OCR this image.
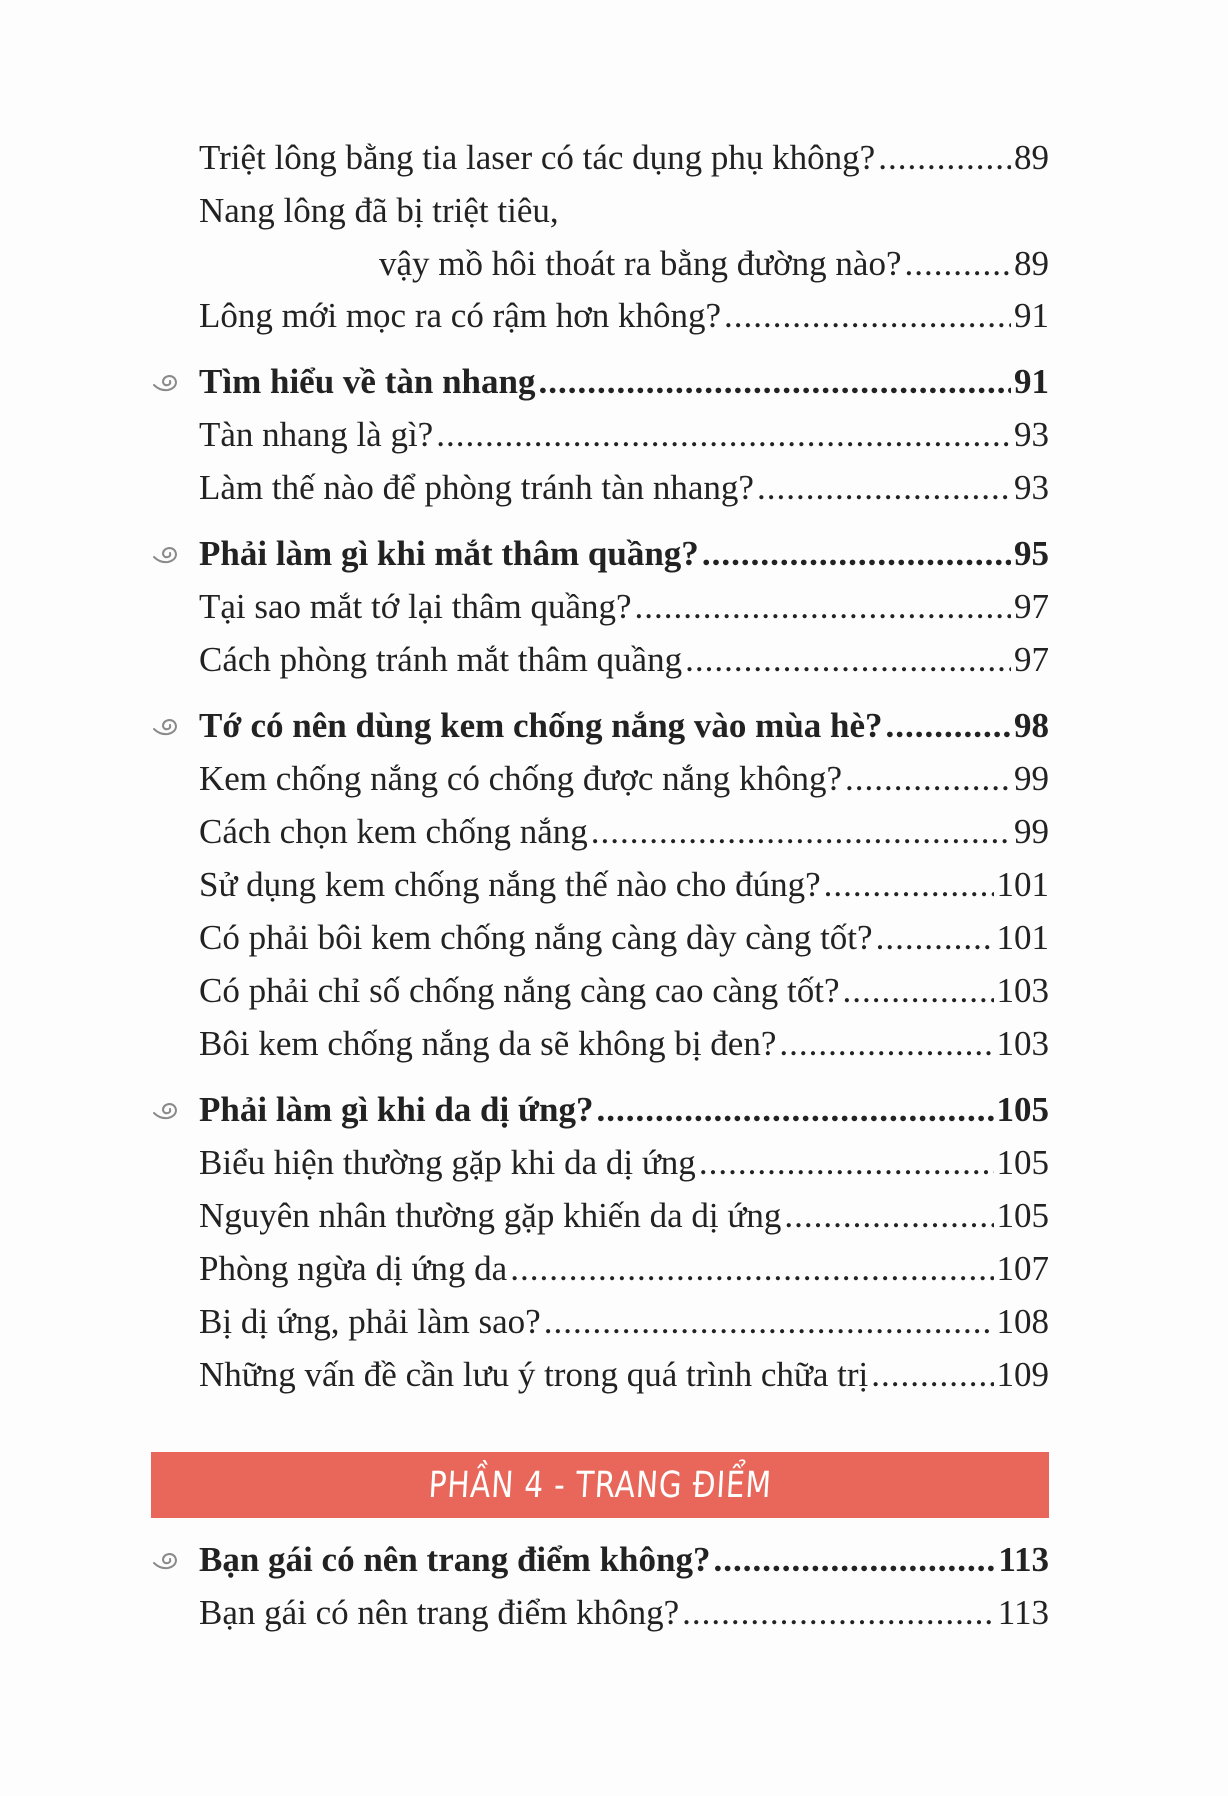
Triệt lông bằng tia laser có tác dụng phụ không? .....	89
Nang lông đã bị triệt tiêu,
vậy mồ hôi thoát ra bằng đường nào? .....	89
Lông mới mọc ra có rậm hơn không? .....	91
Tìm hiểu về tàn nhang .....	91
Tàn nhang là gì? .....	93
Làm thế nào để phòng tránh tàn nhang? .....	93
Phải làm gì khi mắt thâm quầng? .....	95
Tại sao mắt tớ lại thâm quầng? .....	97
Cách phòng tránh mắt thâm quầng .....	97
Tớ có nên dùng kem chống nắng vào mùa hè? .....	98
Kem chống nắng có chống được nắng không? .....	99
Cách chọn kem chống nắng .....	99
Sử dụng kem chống nắng thế nào cho đúng? .....	101
Có phải bôi kem chống nắng càng dày càng tốt? .....	101
Có phải chỉ số chống nắng càng cao càng tốt? .....	103
Bôi kem chống nắng da sẽ không bị đen? .....	103
Phải làm gì khi da dị ứng? .....	105
Biểu hiện thường gặp khi da dị ứng .....	105
Nguyên nhân thường gặp khiến da dị ứng .....	105
Phòng ngừa dị ứng da .....	107
Bị dị ứng, phải làm sao? .....	108
Những vấn đề cần lưu ý trong quá trình chữa trị .....	109
PHẦN 4 - TRANG ĐIỂM
Bạn gái có nên trang điểm không? .....	113
Bạn gái có nên trang điểm không? .....	113
